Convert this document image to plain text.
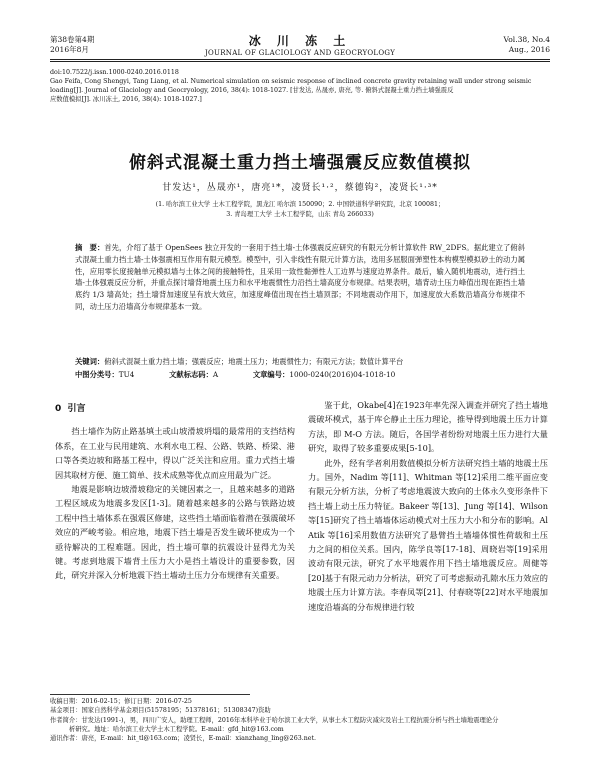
第38卷第4期
2016年8月
冰 川 冻 土
JOURNAL OF GLACIOLOGY AND GEOCRYOLOGY
Vol.38, No.4
Aug., 2016
doi:10.7522/j.issn.1000-0240.2016.0118
Gao Feifa, Cong Shengyi, Tang Liang, et al. Numerical simulation on seismic response of inclined concrete gravity retaining wall under strong seismic
loading[J]. Journal of Glaciology and Geocryology, 2016, 38(4): 1018-1027. [甘发达, 丛晟亦, 唐亮, 等. 俯斜式混凝土重力挡土墙强震反
应数值模拟[J]. 冰川冻土, 2016, 38(4): 1018-1027.]
俯斜式混凝土重力挡土墙强震反应数值模拟
甘发达¹，丛晟亦¹，唐亮¹*，凌贤长¹·²，蔡德钩²，凌贤长¹·³*
(1. 哈尔滨工业大学 土木工程学院，黑龙江 哈尔滨 150090；2. 中国铁道科学研究院，北京 100081；
3. 青岛理工大学 土木工程学院，山东 青岛 266033)
摘　要：首先，介绍了基于 OpenSees 独立开发的一套用于挡土墙-土体强震反应研究的有限元分析计算软件 RW_2DFS。据此建立了俯斜式混凝土重力挡土墙-土体强震相互作用有限元模型。模型中，引入非线性有限元计算方法，选用多屈服面弹塑性本构模型模拟砂土的动力属性，应用零长度接触单元模拟墙与土体之间的接触特性，且采用一致性黏弹性人工边界与速度边界条件。最后，输入随机地震动，进行挡土墙-土体强震反应分析，并重点探讨墙背地震土压力和水平地震惯性力沿挡土墙高度分布规律。结果表明，墙背动土压力峰值出现在距挡土墙底约 1/3 墙高处；挡土墙背加速度呈有放大效应，加速度峰值出现在挡土墙顶部；不同地震动作用下，加速度放大系数沿墙高分布规律不同，动土压力沿墙高分布规律基本一致。
关键词：俯斜式混凝土重力挡土墙；强震反应；地震土压力；地震惯性力；有限元方法；数值计算平台
中图分类号：TU4	文献标志码：A	文章编号：1000-0240(2016)04-1018-10
0 引言

挡土墙作为防止路基填土或山坡滑坡坍塌的最常用的支挡结构体系，在工业与民用建筑、水利水电工程、公路、铁路、桥梁、港口等各类边坡和路基工程中，得以广泛关注和应用。重力式挡土墙因其取材方便、施工简单、技术成熟等优点而应用最为广泛。

地震是影响边坡滑坡稳定的关键因素之一，且越来越多的道路工程区域成为地震多发区[1-3]。随着越来越多的公路与铁路边坡工程中挡土墙体系在强震区修建，这些挡土墙面临着潜在强震破坏效应的严峻考验。相应地，地震下挡土墙是否发生破坏使成为一个亟待解决的工程难题。因此，挡土墙可靠的抗震设计显得尤为关键。考虑到地震下墙背土压力大小是挡土墙设计的重要参数，因此，研究并深入分析地震下挡土墙动土压力分布规律有关重要。

鉴于此，Okabe[4]在1923年率先深入调查并研究了挡土墙地震破坏模式，基于库仑静止土压力理论，推导得到地震土压力计算方法，即 M-O 方法。随后，各国学者纷纷对地震土压力进行大量研究，取得了较多重要成果[5-10]。

此外，经有学者利用数值模拟分析方法研究挡土墙的地震土压力。国外，Nadim 等[11]、Whitman 等[12]采用二维平面应变有限元分析方法，分析了考虑地震波大致向的土体永久变形条件下挡土墙上动土压力特征。Bakeer 等[13]、Jung 等[14]、Wilson 等[15]研究了挡土墙墙体运动模式对土压力大小和分布的影响。Al Atik 等[16]采用数值方法研究了悬臂挡土墙墙体惯性荷载和土压力之间的相位关系。国内，陈学良等[17-18]、周晓岩等[19]采用波动有限元法，研究了水平地震作用下挡土墙地震反应。周健等[20]基于有限元动力分析法，研究了可考虑振动孔隙水压力效应的地震土压力计算方法。李春凤等[21]、付春晓等[22]对水平地震加速度沿墙高的分布规律进行较

收稿日期：2016-02-15；修订日期：2016-07-25
基金项目：国家自然科学基金项目(51578195；51378161；51308347)资助
作者简介：甘发达(1991-)，男，四川广安人，助理工程师，2016年本科毕业于哈尔滨工业大学，从事土木工程防灾减灾及岩土工程抗震分析与挡土墙地震理论分
析研究。地址：哈尔滨工业大学土木工程学院。E-mail：gfd_hit@163.com
通讯作者：唐亮，E-mail：hit_tl@163.com；凌贤长，E-mail：xianzhang_ling@263.net.
